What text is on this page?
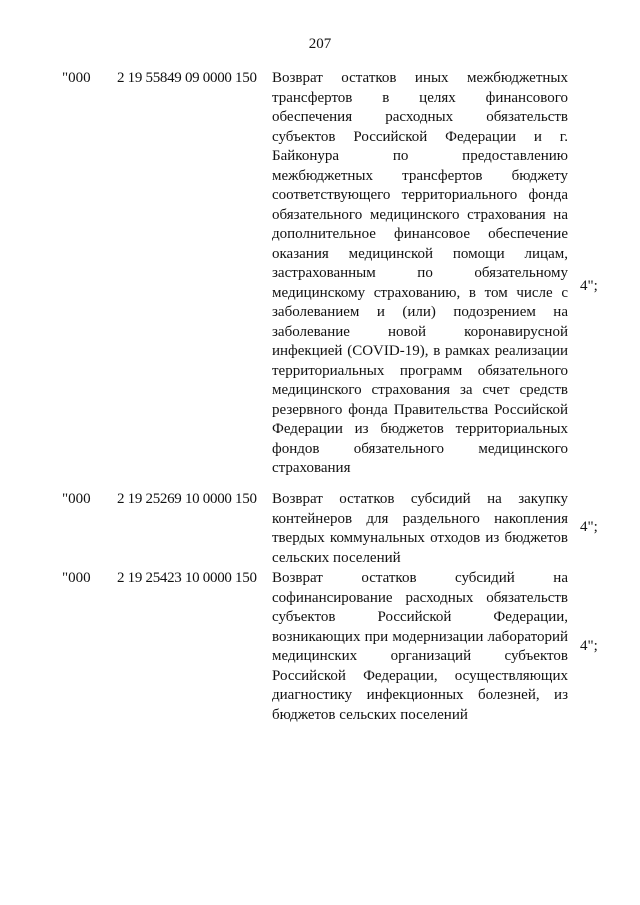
207
"000 2 19 55849 09 0000 150 Возврат остатков иных межбюджетных трансфертов в целях финансового обеспечения расходных обязательств субъектов Российской Федерации и г. Байконура по предоставлению межбюджетных трансфертов бюджету соответствующего территориального фонда обязательного медицинского страхования на дополнительное финансовое обеспечение оказания медицинской помощи лицам, застрахованным по обязательному медицинскому страхованию, в том числе с заболеванием и (или) подозрением на заболевание новой коронавирусной инфекцией (COVID-19), в рамках реализации территориальных программ обязательного медицинского страхования за счет средств резервного фонда Правительства Российской Федерации из бюджетов территориальных фондов обязательного медицинского страхования
4";
"000 2 19 25269 10 0000 150 Возврат остатков субсидий на закупку контейнеров для раздельного накопления твердых коммунальных отходов из бюджетов сельских поселений
4";
"000 2 19 25423 10 0000 150 Возврат остатков субсидий на софинансирование расходных обязательств субъектов Российской Федерации, возникающих при модернизации лабораторий медицинских организаций субъектов Российской Федерации, осуществляющих диагностику инфекционных болезней, из бюджетов сельских поселений
4";
